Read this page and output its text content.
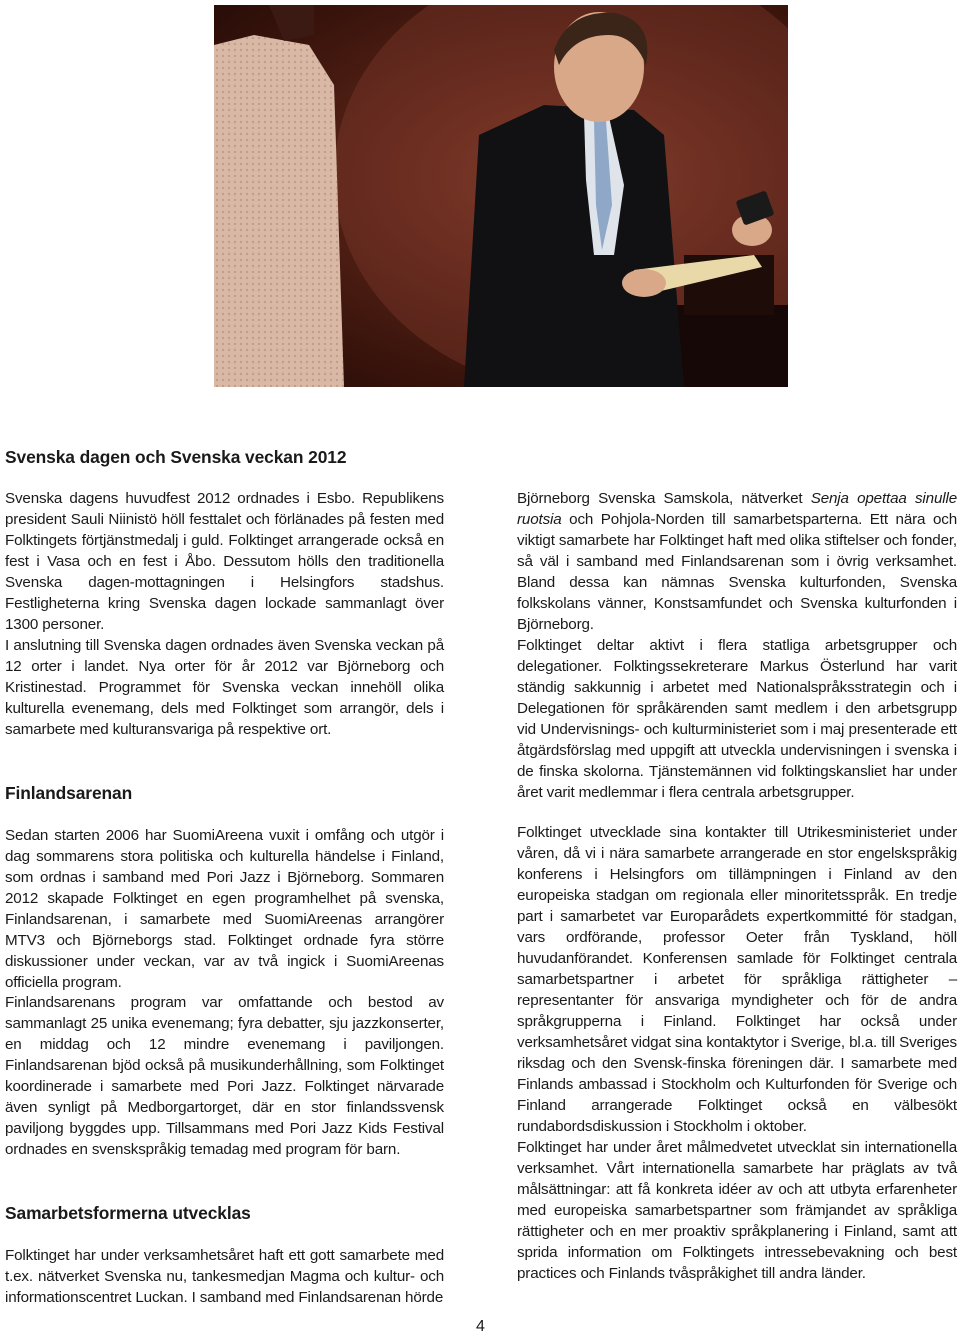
Svenska dagen och Svenska veckan 2012

Svenska dagens huvudfest 2012 ordnades i Esbo. Republikens president Sauli Niinistö höll festtalet och förlänades på festen med Folktingets förtjänstmedalj i guld. Folktinget arrangerade också en fest i Vasa och en fest i Åbo. Dessutom hölls den traditionella Svenska dagen-mottagningen i Helsingfors stadshus. Festligheterna kring Svenska dagen lockade sammanlagt över 1300 personer.

I anslutning till Svenska dagen ordnades även Svenska veckan på 12 orter i landet. Nya orter för år 2012 var Björneborg och Kristinestad. Programmet för Svenska veckan innehöll olika kulturella evenemang, dels med Folktinget som arrangör, dels i samarbete med kulturansvariga på respektive ort.

Finlandsarenan

Sedan starten 2006 har SuomiAreena vuxit i omfång och utgör i dag sommarens stora politiska och kulturella händelse i Finland, som ordnas i samband med Pori Jazz i Björneborg. Sommaren 2012 skapade Folktinget en egen programhelhet på svenska, Finlandsarenan, i samarbete med SuomiAreenas arrangörer MTV3 och Björneborgs stad. Folktinget ordnade fyra större diskussioner under veckan, var av två ingick i SuomiAreenas officiella program.

Finlandsarenans program var omfattande och bestod av sammanlagt 25 unika evenemang; fyra debatter, sju jazzkonserter, en middag och 12 mindre evenemang i paviljongen. Finlandsarenan bjöd också på musikunderhållning, som Folktinget koordinerade i samarbete med Pori Jazz. Folktinget närvarade även synligt på Medborgartorget, där en stor finlandssvensk paviljong byggdes upp. Tillsammans med Pori Jazz Kids Festival ordnades en svenskspråkig temadag med program för barn.

Samarbetsformerna utvecklas

Folktinget har under verksamhetsåret haft ett gott samarbete med t.ex. nätverket Svenska nu, tankesmedjan Magma och kultur- och informationscentret Luckan. I samband med Finlandsarenan hörde

Björneborg Svenska Samskola, nätverket Senja opettaa sinulle ruotsia och Pohjola-Norden till samarbetsparterna. Ett nära och viktigt samarbete har Folktinget haft med olika stiftelser och fonder, så väl i samband med Finlandsarenan som i övrig verksamhet. Bland dessa kan nämnas Svenska kulturfonden, Svenska folkskolans vänner, Konstsamfundet och Svenska kulturfonden i Björneborg.

Folktinget deltar aktivt i flera statliga arbetsgrupper och delegationer. Folktingssekreterare Markus Österlund har varit ständig sakkunnig i arbetet med Nationalspråksstrategin och i Delegationen för språkärenden samt medlem i den arbetsgrupp vid Undervisnings- och kulturministeriet som i maj presenterade ett åtgärdsförslag med uppgift att utveckla undervisningen i svenska i de finska skolorna. Tjänstemännen vid folktingskansliet har under året varit medlemmar i flera centrala arbetsgrupper.

Folktinget utvecklade sina kontakter till Utrikesministeriet under våren, då vi i nära samarbete arrangerade en stor engelskspråkig konferens i Helsingfors om tillämpningen i Finland av den europeiska stadgan om regionala eller minoritetsspråk. En tredje part i samarbetet var Europarådets expertkommitté för stadgan, vars ordförande, professor Oeter från Tyskland, höll huvudanförandet. Konferensen samlade för Folktinget centrala samarbetspartner i arbetet för språkliga rättigheter – representanter för ansvariga myndigheter och för de andra språkgrupperna i Finland. Folktinget har också under verksamhetsåret vidgat sina kontaktytor i Sverige, bl.a. till Sveriges riksdag och den Svensk-finska föreningen där. I samarbete med Finlands ambassad i Stockholm och Kulturfonden för Sverige och Finland arrangerade Folktinget också en välbesökt rundabordsdiskussion i Stockholm i oktober.

Folktinget har under året målmedvetet utvecklat sin internationella verksamhet. Vårt internationella samarbete har präglats av två målsättningar: att få konkreta idéer av och att utbyta erfarenheter med europeiska samarbetspartner som främjandet av språkliga rättigheter och en mer proaktiv språkplanering i Finland, samt att sprida information om Folktingets intressebevakning och best practices och Finlands tvåspråkighet till andra länder.

4
